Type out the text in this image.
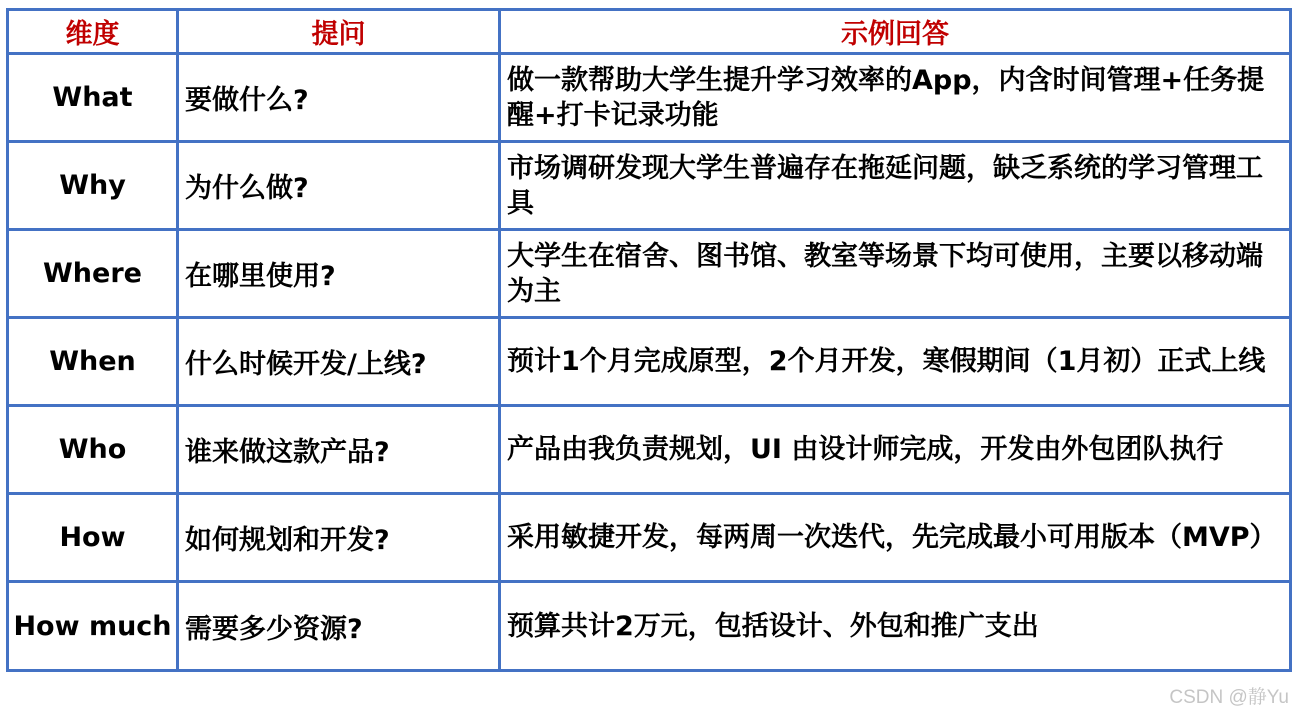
维度	提问	示例回答
What	要做什么?	做一款帮助大学生提升学习效率的App，内含时间管理+任务提醒+打卡记录功能
Why	为什么做?	市场调研发现大学生普遍存在拖延问题，缺乏系统的学习管理工具
Where	在哪里使用?	大学生在宿舍、图书馆、教室等场景下均可使用，主要以移动端为主
When	什么时候开发/上线?	预计1个月完成原型，2个月开发，寒假期间（1月初）正式上线
Who	谁来做这款产品?	产品由我负责规划，UI 由设计师完成，开发由外包团队执行
How	如何规划和开发?	采用敏捷开发，每两周一次迭代，先完成最小可用版本（MVP）
How much	需要多少资源?	预算共计2万元，包括设计、外包和推广支出
CSDN @静Yu
